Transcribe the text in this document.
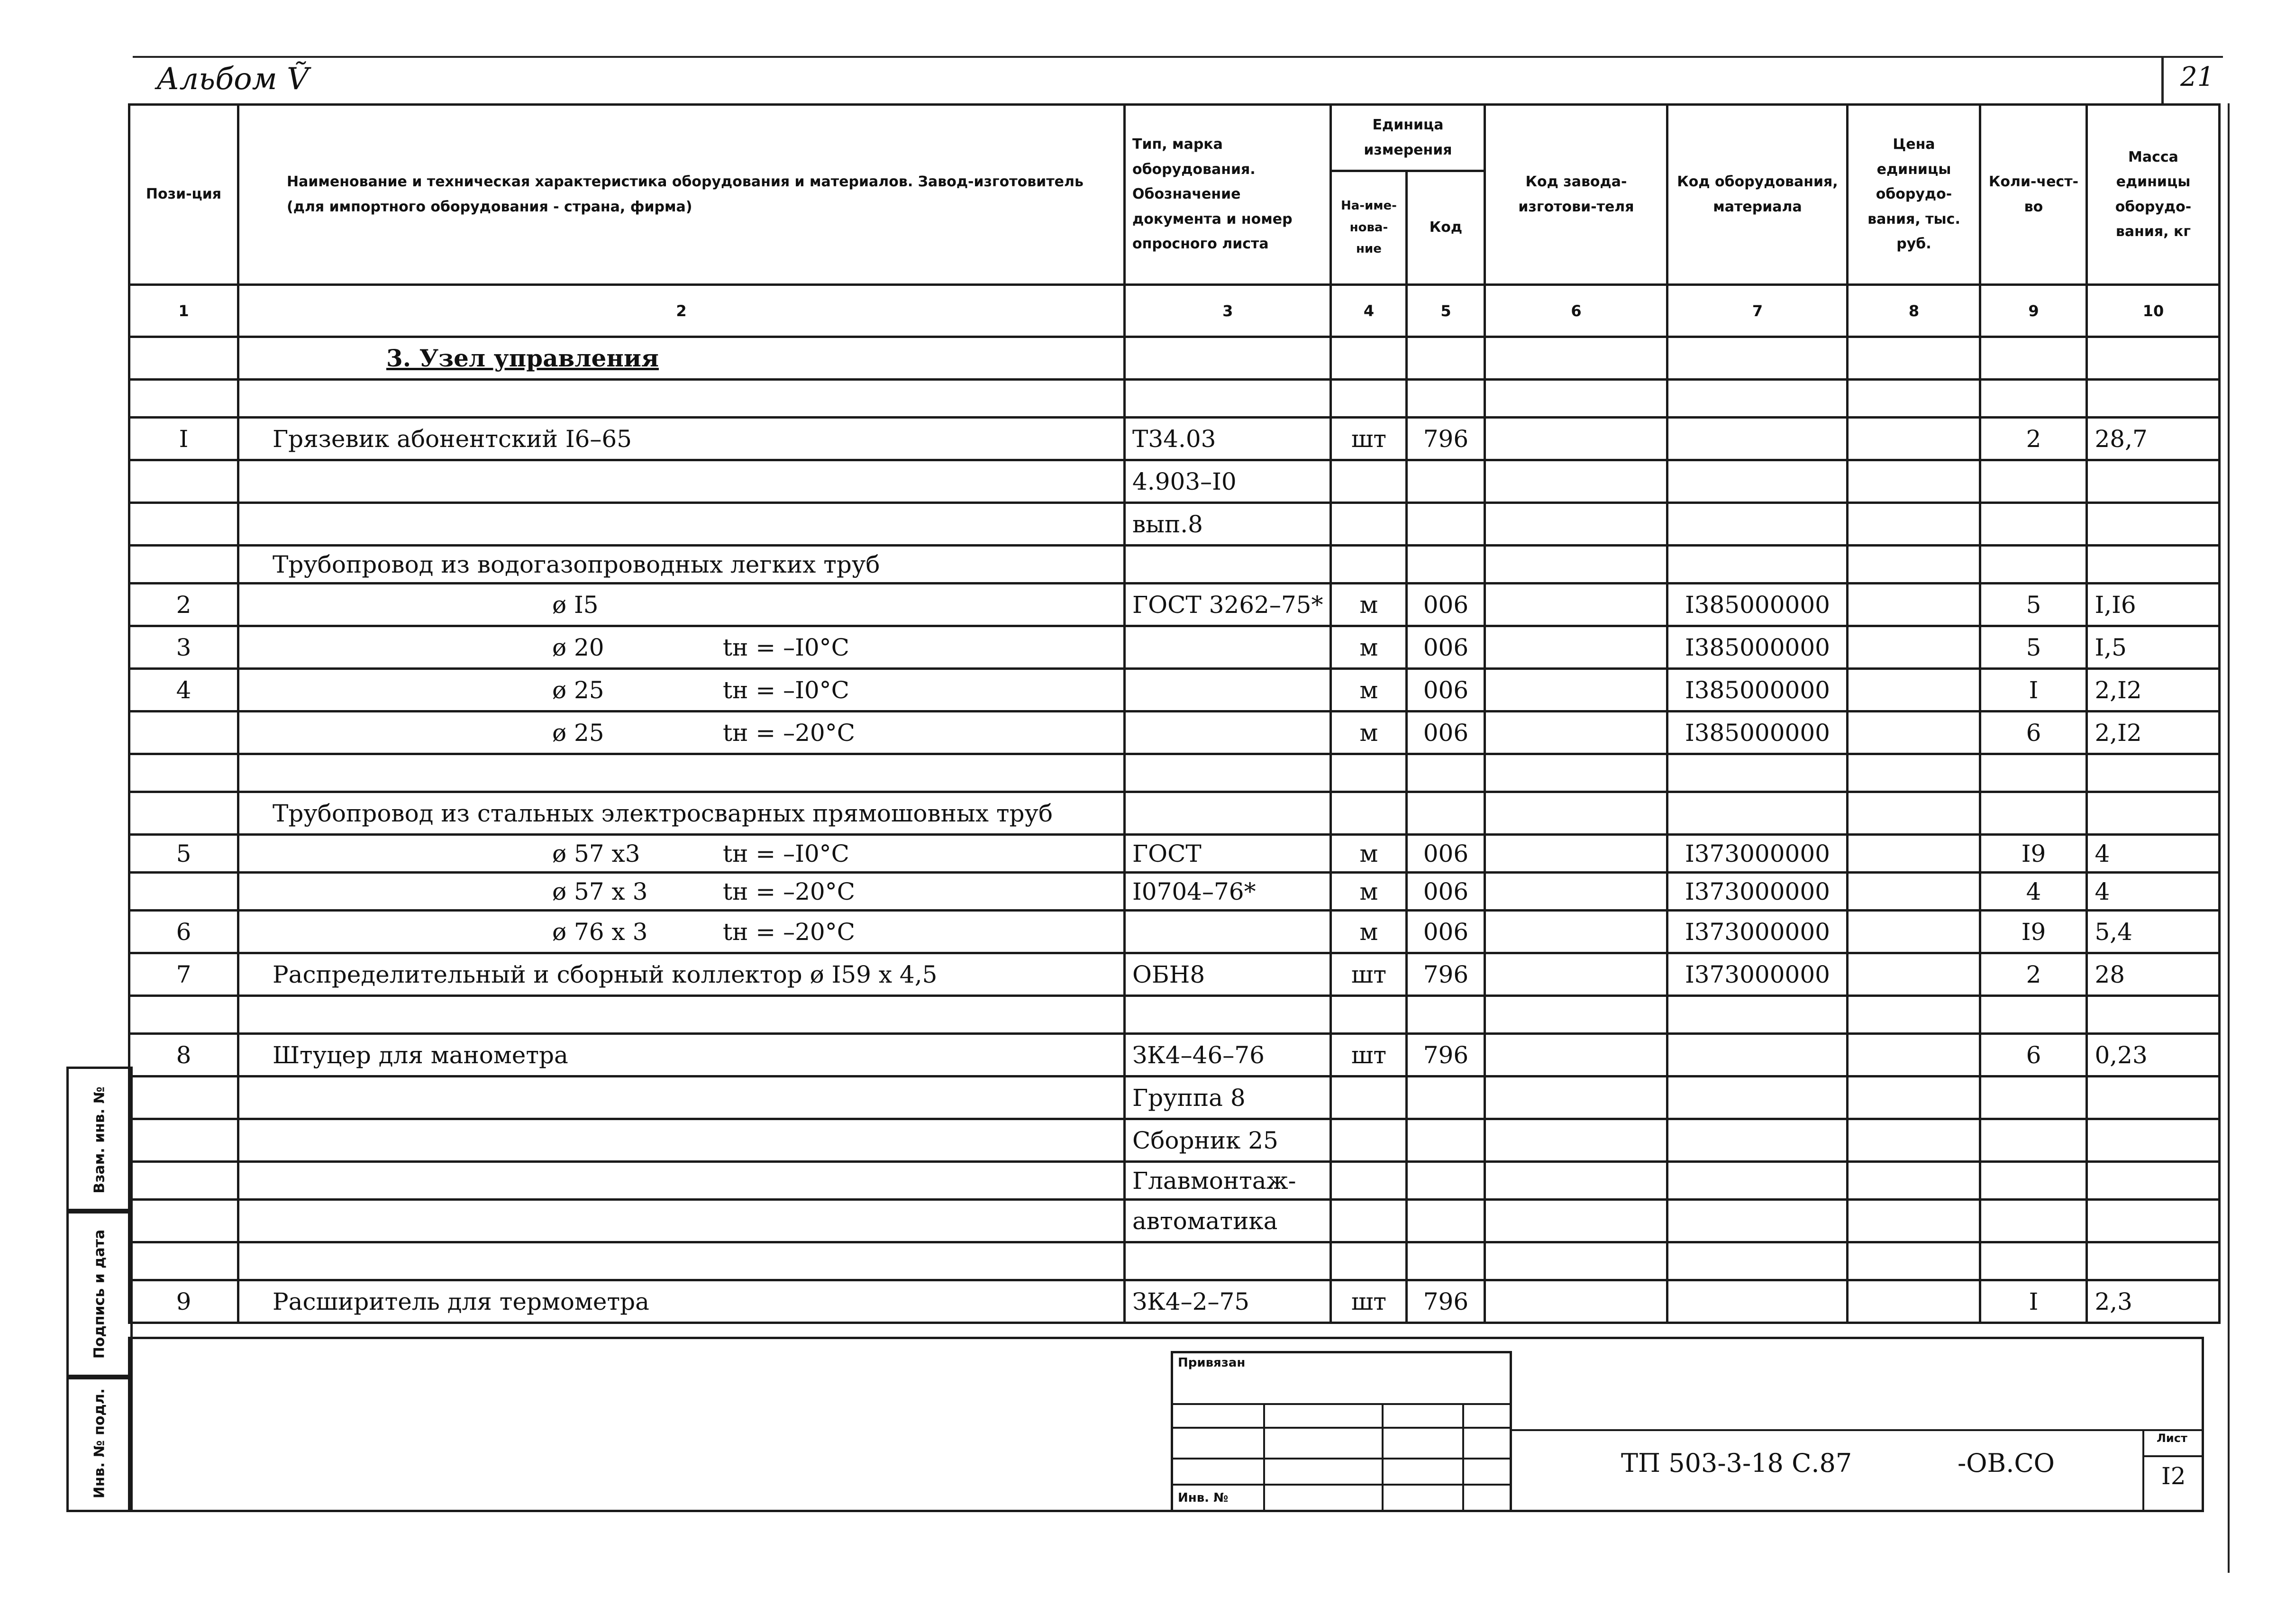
Альбом Ṽ	21
Пози-ция	Наименование и техническая характеристика оборудования и материалов. Завод-изготовитель (для импортного оборудования - страна, фирма)	Тип, марка оборудования. Обозначение документа и номер опросного листа	Единица измерения		Код завода-изготови-теля	Код оборудования, материала	Цена единицы оборудо-вания, тыс. руб.	Коли-чест-во	Масса единицы оборудо-вания, кг
			На-име-нова-ние	Код					
1	2	3	4	5	6	7	8	9	10
	3. Узел управления								

I	Грязевик абонентский I6–65	Т34.03	шт	796				2	28,7
		4.903–I0							
		вып.8							
	Трубопровод из водогазопроводных легких труб								
2	ø I5	ГОСТ 3262–75*	м	006		I385000000		5	I,I6
3	ø 20 tн = –I0°C		м	006		I385000000		5	I,5
4	ø 25 tн = –I0°C		м	006		I385000000		I	2,I2
	ø 25 tн = –20°C		м	006		I385000000		6	2,I2

	Трубопровод из стальных электросварных прямошовных труб								
5	ø 57 x3 tн = –I0°C	ГОСТ	м	006		I373000000		I9	4
	ø 57 x 3 tн = –20°C	I0704–76*	м	006		I373000000		4	4
6	ø 76 x 3 tн = –20°C		м	006		I373000000		I9	5,4
7	Распределительный и сборный коллектор ø I59 x 4,5	ОБН8	шт	796		I373000000		2	28

8	Штуцер для манометра	ЗК4–46–76	шт	796				6	0,23
		Группа 8							
		Сборник 25							
		Главмонтаж-							
		автоматика							

9	Расширитель для термометра	ЗК4–2–75	шт	796				I	2,3
Взам. инв. №
Подпись и дата
Инв. № подл.
Привязан
Инв. №
ТП 503-3-18 С.87	-ОВ.СО
Лист
I2
